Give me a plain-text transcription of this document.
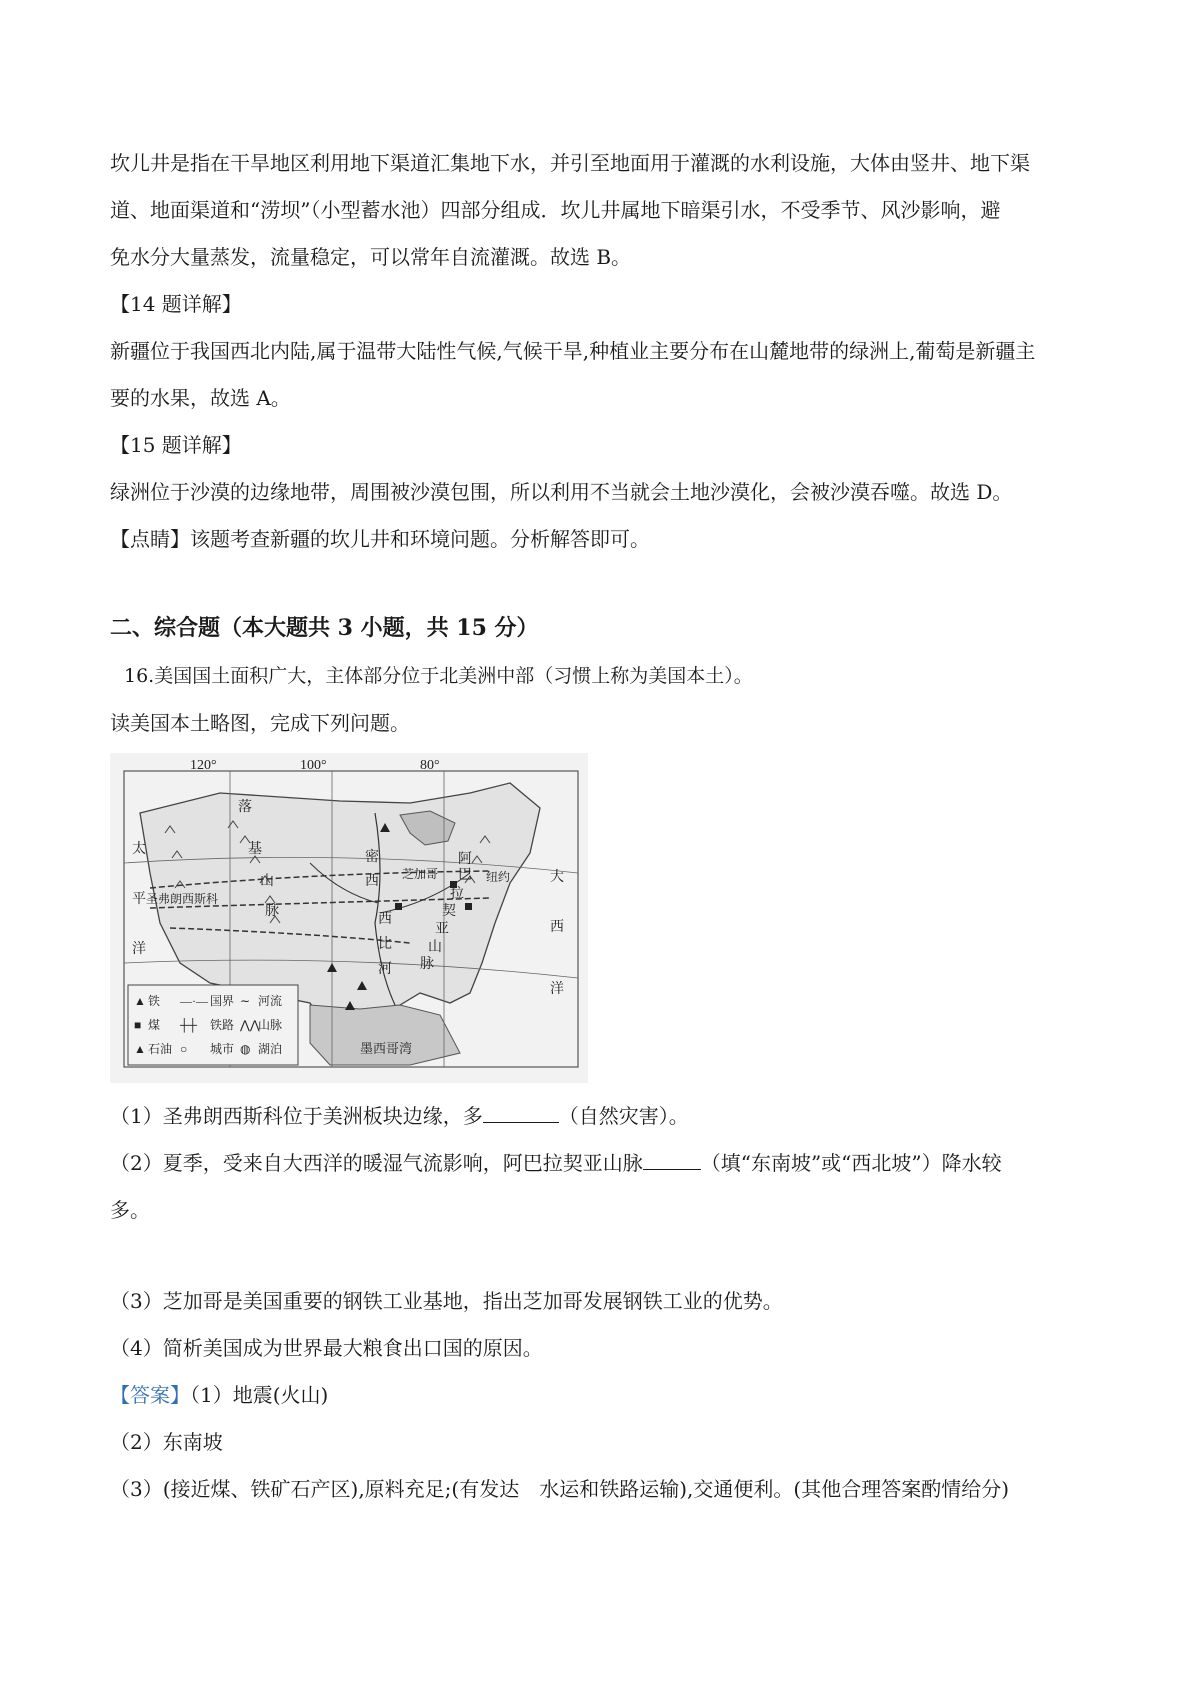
坎儿井是指在干旱地区利用地下渠道汇集地下水，并引至地面用于灌溉的水利设施，大体由竖井、地下渠

道、地面渠道和“涝坝”（小型蓄水池）四部分组成．坎儿井属地下暗渠引水，不受季节、风沙影响，避

免水分大量蒸发，流量稳定，可以常年自流灌溉。故选 B。

【14 题详解】

新疆位于我国西北内陆,属于温带大陆性气候,气候干旱,种植业主要分布在山麓地带的绿洲上,葡萄是新疆主

要的水果，故选 A。

【15 题详解】

绿洲位于沙漠的边缘地带，周围被沙漠包围，所以利用不当就会土地沙漠化，会被沙漠吞噬。故选 D。

【点睛】该题考查新疆的坎儿井和环境问题。分析解答即可。

二、综合题（本大题共 3 小题，共 15 分）

16.美国国土面积广大，主体部分位于北美洲中部（习惯上称为美国本土）。

读美国本土略图，完成下列问题。

120°	100°	80°
太
平
洋
大
西
洋
落
基
山
脉
阿
巴
拉
契
亚
山
脉
密
西
西
比
河
圣弗朗西斯科
芝加哥	纽约
墨西哥湾
▲ 铁 —·— 国界 ∼ 河流
■ 煤 ┼┼ 铁路 ⋀⋀
山脉
▲ 石油 ○ 城市 ◍ 湖泊

（1）圣弗朗西斯科位于美洲板块边缘，多	（自然灾害）。

（2）夏季，受来自大西洋的暖湿气流影响，阿巴拉契亚山脉	（填“东南坡”或“西北坡”）降水较

多。

（3）芝加哥是美国重要的钢铁工业基地，指出芝加哥发展钢铁工业的优势。

（4）简析美国成为世界最大粮食出口国的原因。

【答案】（1）地震(火山)

（2）东南坡

（3）(接近煤、铁矿石产区),原料充足;(有发达　水运和铁路运输),交通便利。(其他合理答案酌情给分)
